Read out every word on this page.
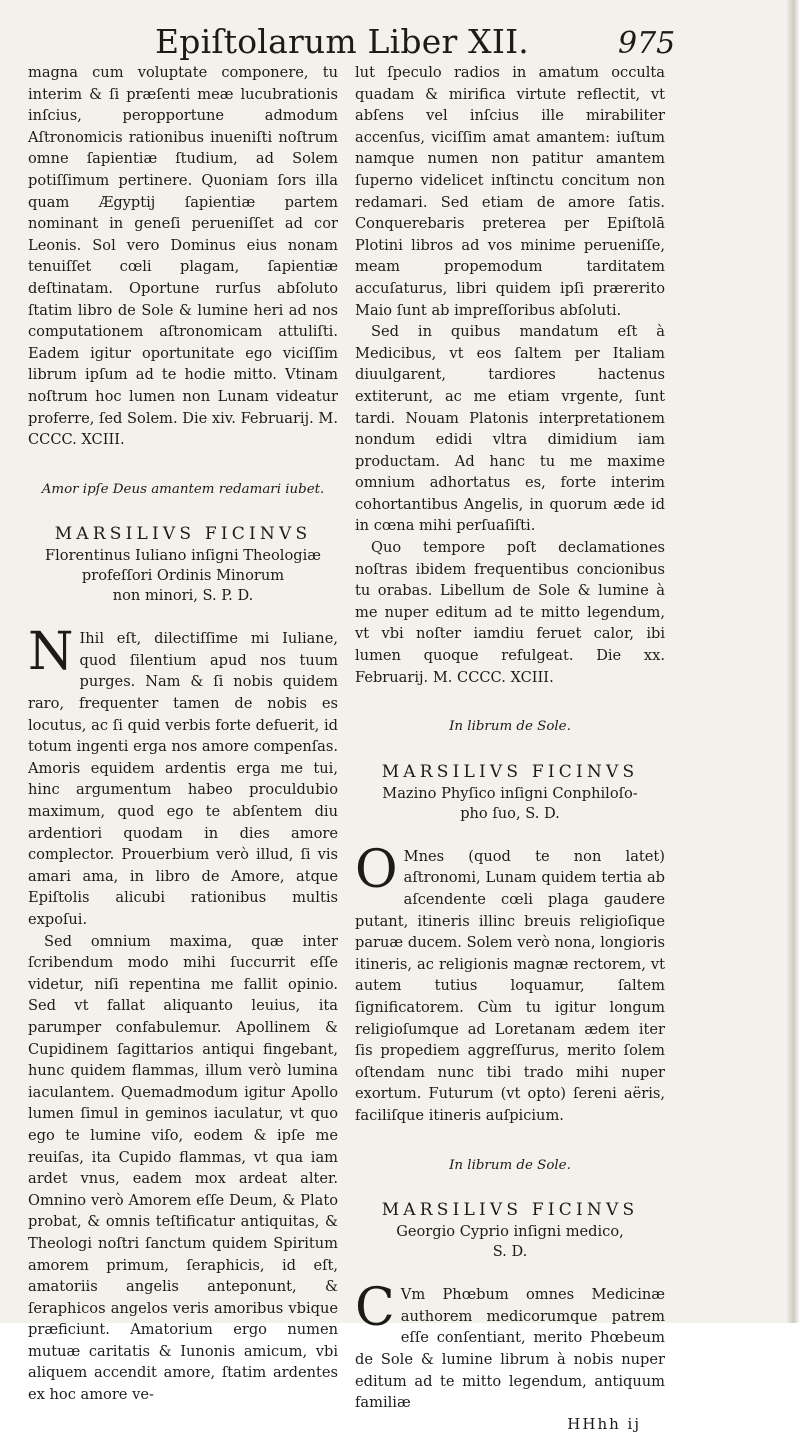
Epiſtolarum Liber XII.	975

magna cum voluptate componere, tu interim & ſi præſenti meæ lucubrationis inſcius, peropportune admodum Aſtronomicis rationibus inueniſti noſtrum omne ſapientiæ ſtudium, ad Solem potiſſimum pertinere. Quoniam ſors illa quam Ægyptij ſapientiæ partem nominant in geneſi perueniſſet ad cor Leonis. Sol vero Dominus eius nonam tenuiſſet cœli plagam, ſapientiæ deſtinatam. Oportune rurſus abſoluto ſtatim libro de Sole & lumine heri ad nos computationem aſtronomicam attuliſti. Eadem igitur oportunitate ego viciſſim librum ipſum ad te hodie mitto. Vtinam noſtrum hoc lumen non Lunam videatur proferre, ſed Solem. Die xiv. Februarij. M. CCCC. XCIII.

Amor ipſe Deus amantem redamari iubet.

MARSILIVS FICINVS
Florentinus Iuliano inſigni Theologiæ profeſſori Ordinis Minorum
non minori, S. P. D.

N Ihil eſt, dilectiſſime mi Iuliane, quod ſilentium apud nos tuum purges. Nam & ſi nobis quidem raro, frequenter tamen de nobis es locutus, ac ſi quid verbis forte defuerit, id totum ingenti erga nos amore compenſas. Amoris equidem ardentis erga me tui, hinc argumentum habeo proculdubio maximum, quod ego te abſentem diu ardentiori quodam in dies amore complector. Prouerbium verò illud, ſi vis amari ama, in libro de Amore, atque Epiſtolis alicubi rationibus multis expoſui.

Sed omnium maxima, quæ inter ſcribendum modo mihi ſuccurrit eſſe videtur, niſi repentina me fallit opinio. Sed vt fallat aliquanto leuius, ita parumper confabulemur. Apollinem & Cupidinem ſagittarios antiqui fingebant, hunc quidem flammas, illum verò lumina iaculantem. Quemadmodum igitur Apollo lumen ſimul in geminos iaculatur, vt quo ego te lumine viſo, eodem & ipſe me reuiſas, ita Cupido flammas, vt qua iam ardet vnus, eadem mox ardeat alter. Omnino verò Amorem eſſe Deum, & Plato probat, & omnis teſtificatur antiquitas, & Theologi noſtri ſanctum quidem Spiritum amorem primum, ſeraphicis, id eſt, amatoriis angelis anteponunt, & ſeraphicos angelos veris amoribus vbique præficiunt. Amatorium ergo numen mutuæ caritatis & Iunonis amicum, vbi aliquem accendit amore, ſtatim ardentes ex hoc amore ve-

lut ſpeculo radios in amatum occulta quadam & mirifica virtute reflectit, vt abſens vel inſcius ille mirabiliter accenſus, viciſſim amat amantem: iuſtum namque numen non patitur amantem ſuperno videlicet inſtinctu concitum non redamari. Sed etiam de amore ſatis. Conquerebaris preterea per Epiſtolā Plotini libros ad vos minime perueniſſe, meam propemodum tarditatem accuſaturus, libri quidem ipſi prærerito Maio ſunt ab impreſſoribus abſoluti.

Sed in quibus mandatum eſt à Medicibus, vt eos ſaltem per Italiam diuulgarent, tardiores hactenus extiterunt, ac me etiam vrgente, ſunt tardi. Nouam Platonis interpretationem nondum edidi vltra dimidium iam productam. Ad hanc tu me maxime omnium adhortatus es, forte interim cohortantibus Angelis, in quorum æde id in cœna mihi perſuaſiſti.

Quo tempore poſt declamationes noſtras ibidem frequentibus concionibus tu orabas. Libellum de Sole & lumine à me nuper editum ad te mitto legendum, vt vbi noſter iamdiu feruet calor, ibi lumen quoque refulgeat. Die xx. Februarij. M. CCCC. XCIII.

In librum de Sole.

MARSILIVS FICINVS
Mazino Phyſico inſigni Conphiloſo-
pho ſuo, S. D.

O Mnes (quod te non latet) aſtronomi, Lunam quidem tertia ab aſcendente cœli plaga gaudere putant, itineris illinc breuis religioſique paruæ ducem. Solem verò nona, longioris itineris, ac religionis magnæ rectorem, vt autem tutius loquamur, ſaltem ſignificatorem. Cùm tu igitur longum religioſumque ad Loretanam ædem iter ſis propediem aggreſſurus, merito ſolem oſtendam nunc tibi trado mihi nuper exortum. Futurum (vt opto) ſereni aëris, faciliſque itineris auſpicium.

In librum de Sole.

MARSILIVS FICINVS
Georgio Cyprio inſigni medico,
S. D.

C Vm Phœbum omnes Medicinæ authorem medicorumque patrem eſſe conſentiant, merito Phœbeum de Sole & lumine librum à nobis nuper editum ad te mitto legendum, antiquum familiæ

HHhh ij
